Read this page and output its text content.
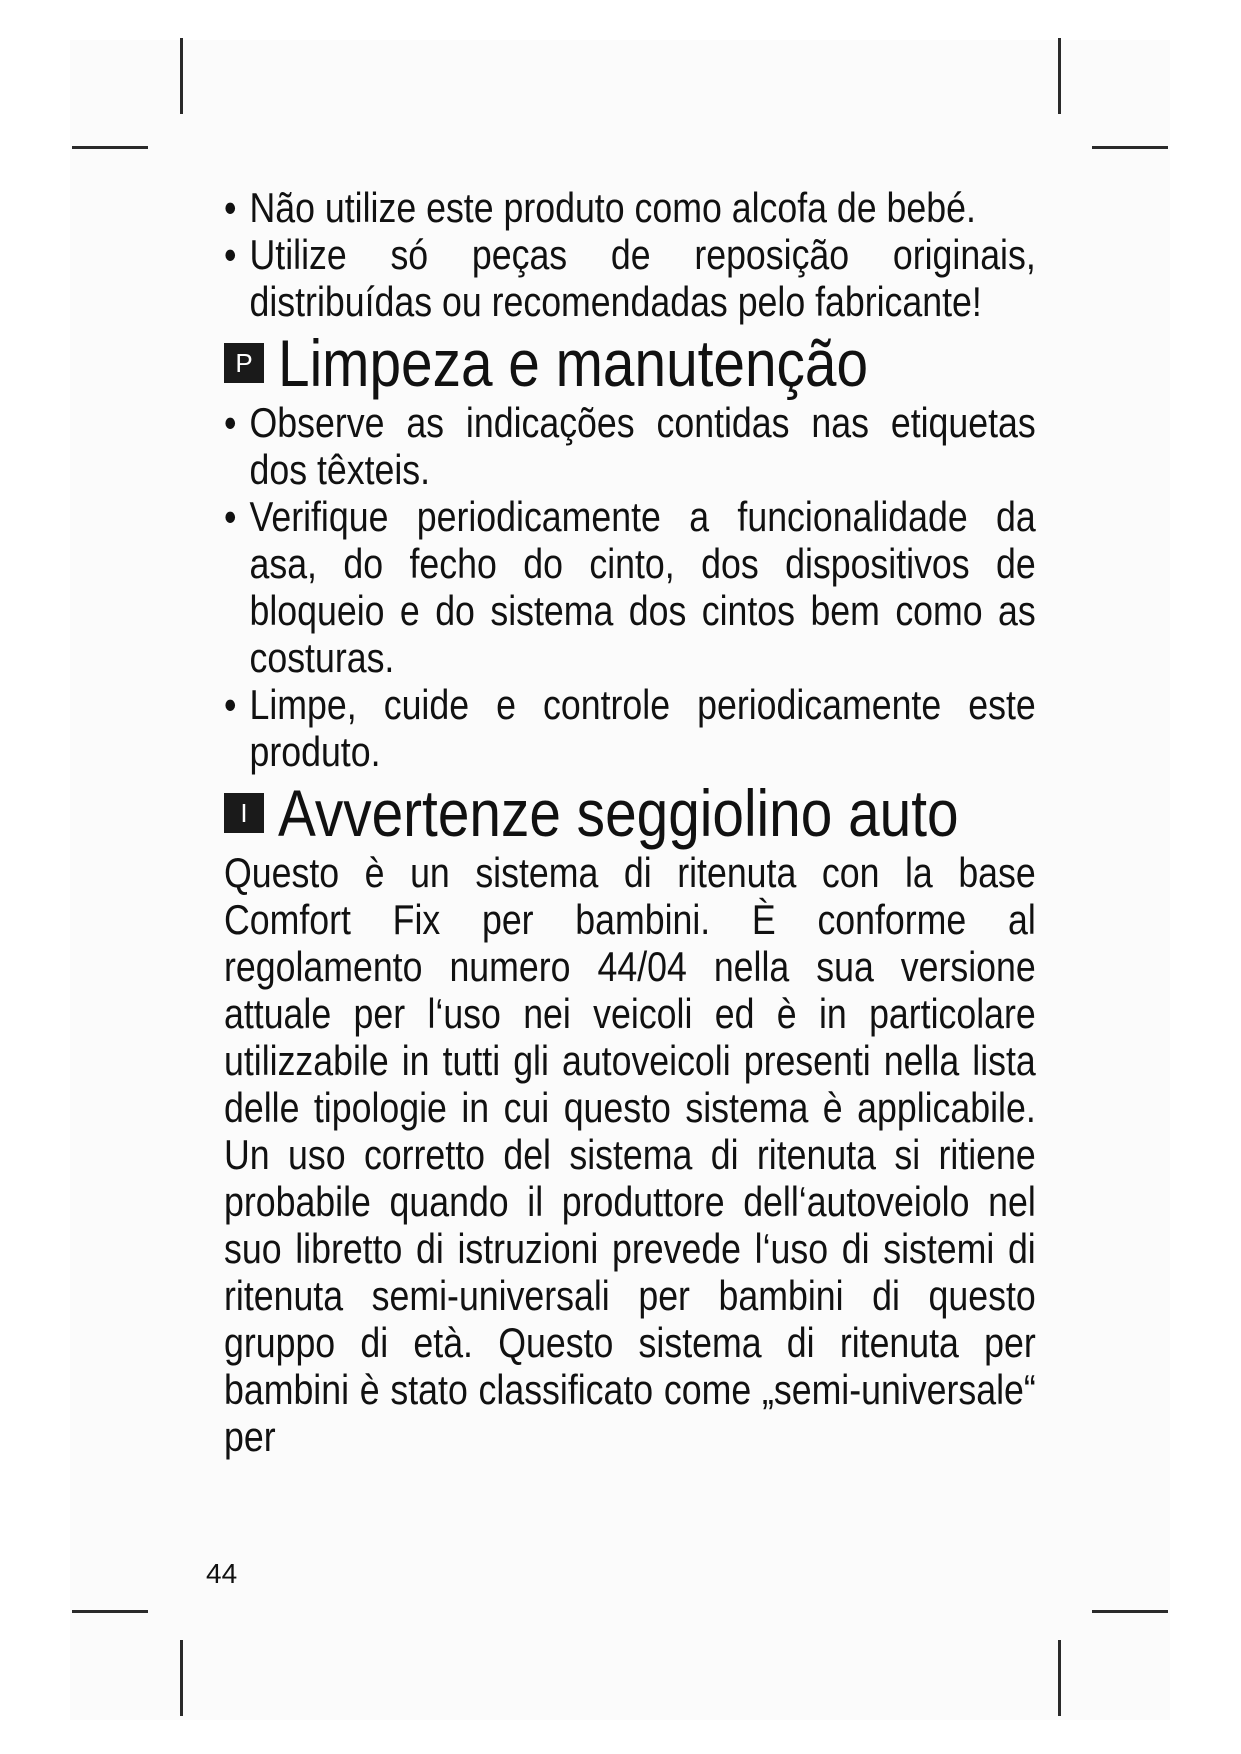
• Não utilize este produto como alcofa de bebé.
• Utilize só peças de reposição originais, distribuídas ou recomendadas pelo fabricante!
P Limpeza e manutenção
• Observe as indicações contidas nas etiquetas dos têxteis.
• Verifique periodicamente a funcionalidade da asa, do fecho do cinto, dos dispositivos de bloqueio e do sistema dos cintos bem como as costuras.
• Limpe, cuide e controle periodicamente este produto.
I Avvertenze seggiolino auto
Questo è un sistema di ritenuta con la base Comfort Fix per bambini. È conforme al regolamento numero 44/04 nella sua versione attuale per l‘uso nei veicoli ed è in particolare utilizzabile in tutti gli autoveicoli presenti nella lista delle tipologie in cui questo sistema è applicabile. Un uso corretto del sistema di ritenuta si ritiene probabile quando il produttore dell‘autoveiolo nel suo libretto di istruzioni prevede l‘uso di sistemi di ritenuta semi-universali per bambini di questo gruppo di età. Questo sistema di ritenuta per bambini è stato classificato come „semi-universale“ per
44
